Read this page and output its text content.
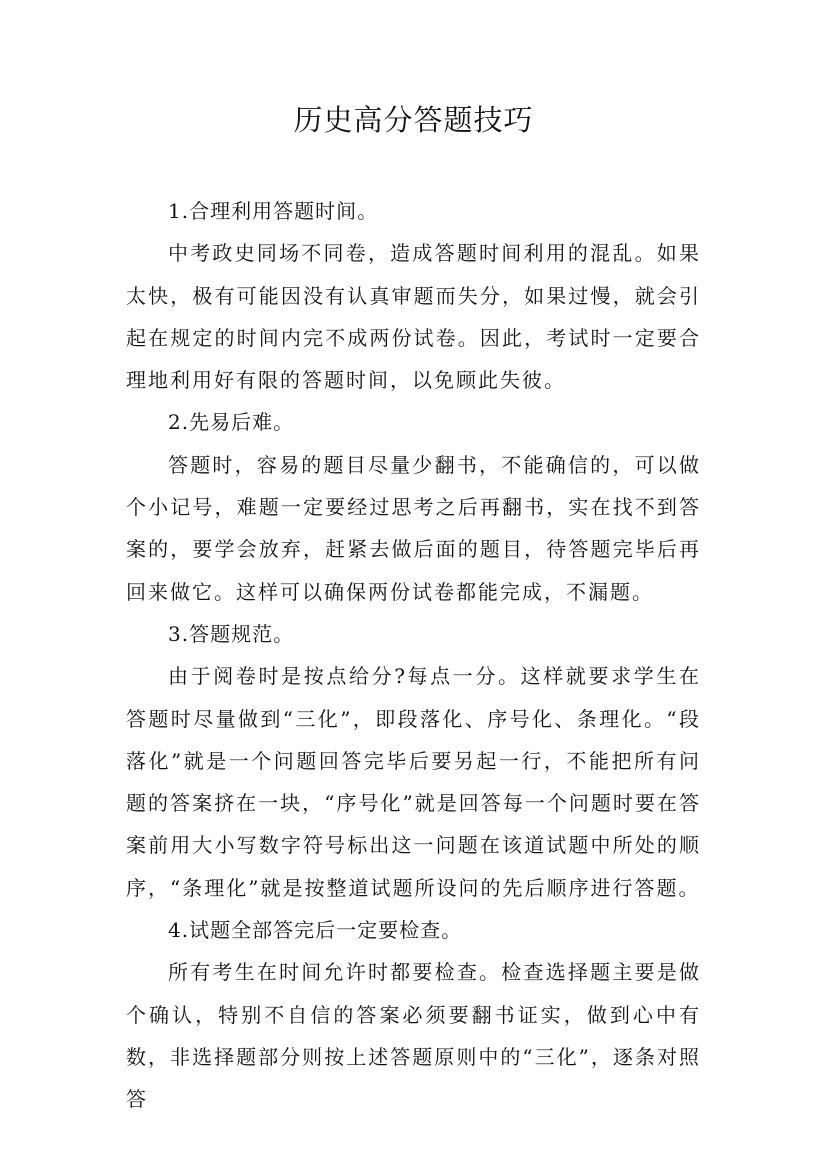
历史高分答题技巧

1.合理利用答题时间。

中考政史同场不同卷，造成答题时间利用的混乱。如果太快，极有可能因没有认真审题而失分，如果过慢，就会引起在规定的时间内完不成两份试卷。因此，考试时一定要合理地利用好有限的答题时间，以免顾此失彼。

2.先易后难。

答题时，容易的题目尽量少翻书，不能确信的，可以做个小记号，难题一定要经过思考之后再翻书，实在找不到答案的，要学会放弃，赶紧去做后面的题目，待答题完毕后再回来做它。这样可以确保两份试卷都能完成，不漏题。

3.答题规范。

由于阅卷时是按点给分?每点一分。这样就要求学生在答题时尽量做到“三化”，即段落化、序号化、条理化。“段落化”就是一个问题回答完毕后要另起一行，不能把所有问题的答案挤在一块，“序号化”就是回答每一个问题时要在答案前用大小写数字符号标出这一问题在该道试题中所处的顺序，“条理化”就是按整道试题所设问的先后顺序进行答题。

4.试题全部答完后一定要检查。

所有考生在时间允许时都要检查。检查选择题主要是做个确认，特别不自信的答案必须要翻书证实，做到心中有数，非选择题部分则按上述答题原则中的“三化”，逐条对照答
